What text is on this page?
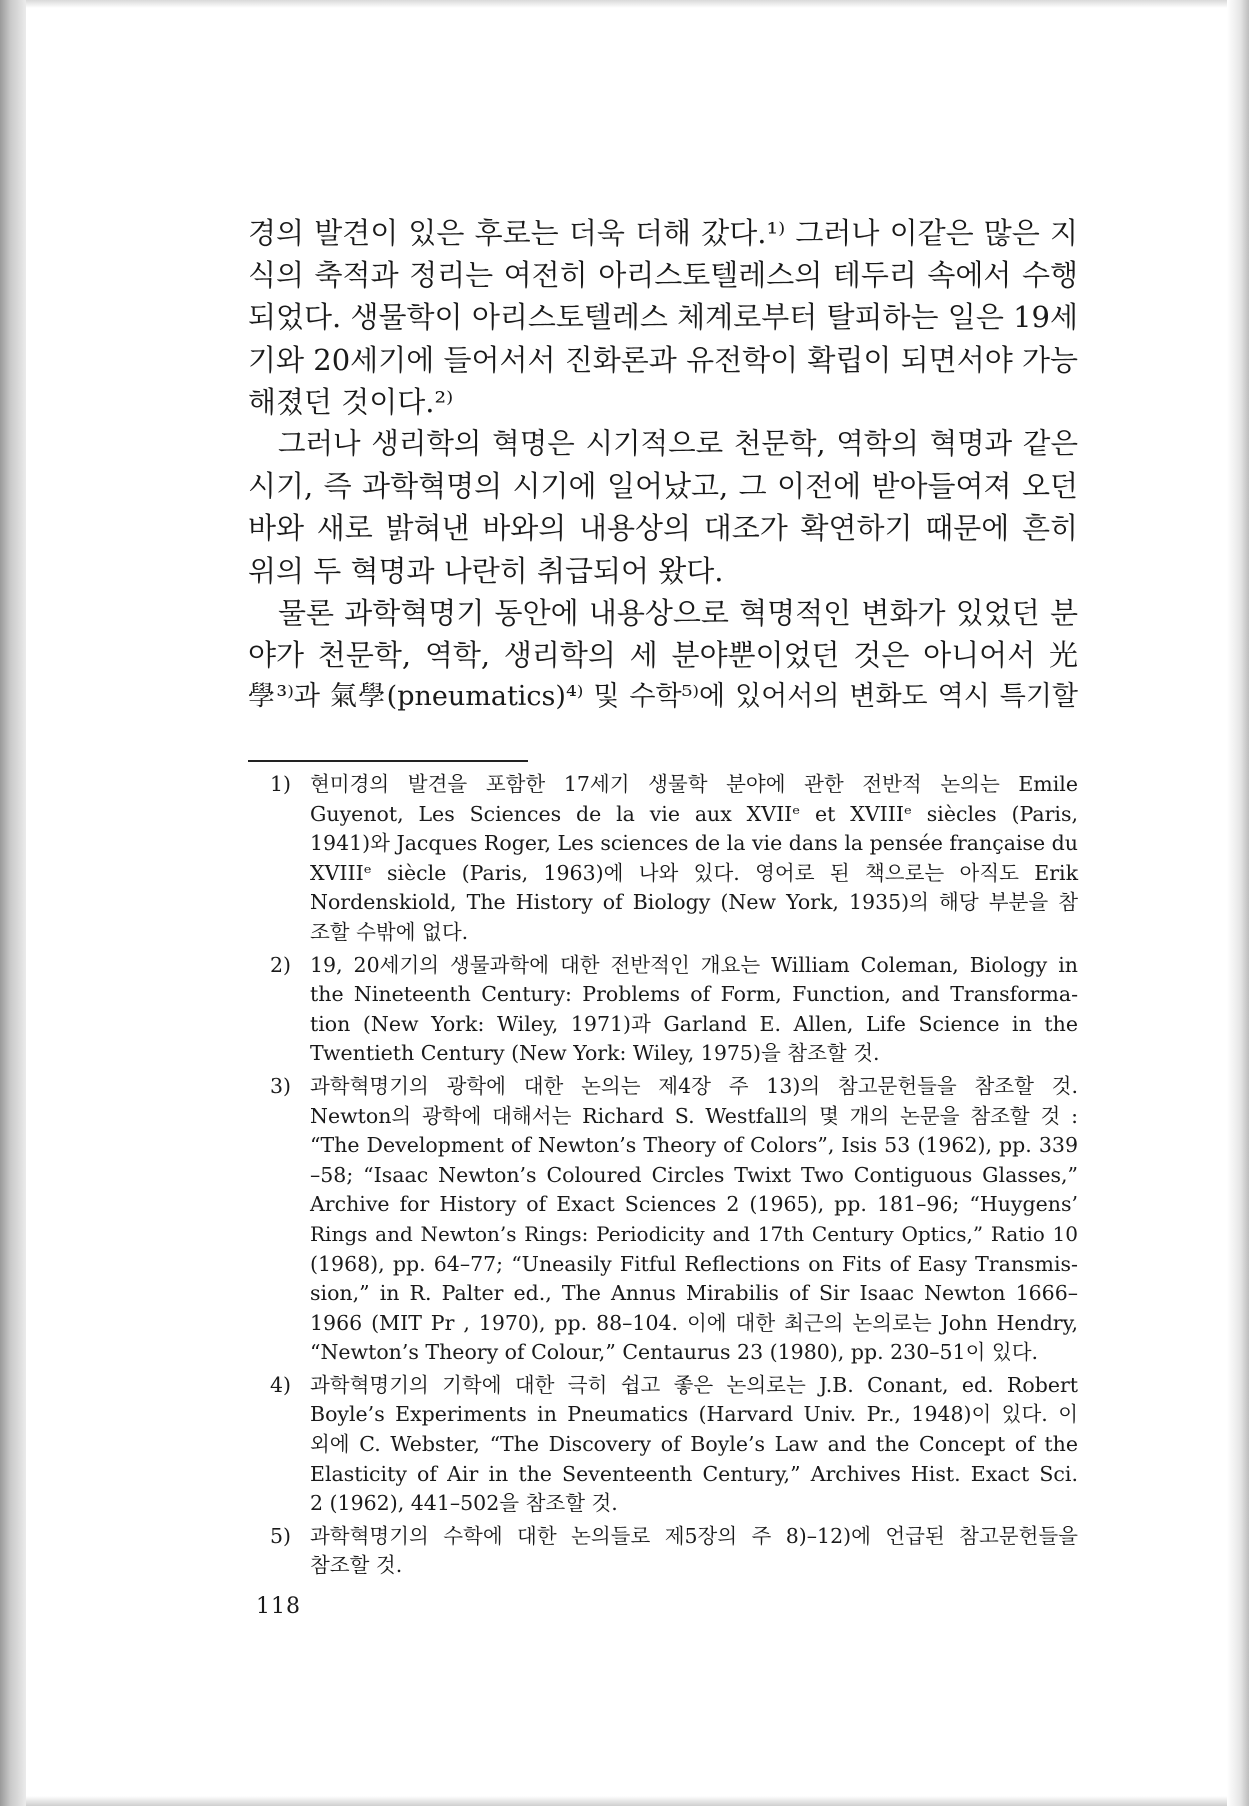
경의 발견이 있은 후로는 더욱 더해 갔다.¹⁾ 그러나 이같은 많은 지
식의 축적과 정리는 여전히 아리스토텔레스의 테두리 속에서 수행
되었다. 생물학이 아리스토텔레스 체계로부터 탈피하는 일은 19세
기와 20세기에 들어서서 진화론과 유전학이 확립이 되면서야 가능
해졌던 것이다.²⁾

그러나 생리학의 혁명은 시기적으로 천문학, 역학의 혁명과 같은
시기, 즉 과학혁명의 시기에 일어났고, 그 이전에 받아들여져 오던
바와 새로 밝혀낸 바와의 내용상의 대조가 확연하기 때문에 흔히
위의 두 혁명과 나란히 취급되어 왔다.

물론 과학혁명기 동안에 내용상으로 혁명적인 변화가 있었던 분
야가 천문학, 역학, 생리학의 세 분야뿐이었던 것은 아니어서 光
學³⁾과 氣學(pneumatics)⁴⁾ 및 수학⁵⁾에 있어서의 변화도 역시 특기할

1) 현미경의 발견을 포함한 17세기 생물학 분야에 관한 전반적 논의는 Emile
Guyenot, Les Sciences de la vie aux XVIIᵉ et XVIIIᵉ siècles (Paris,
1941)와 Jacques Roger, Les sciences de la vie dans la pensée française du
XVIIIᵉ siècle (Paris, 1963)에 나와 있다. 영어로 된 책으로는 아직도 Erik
Nordenskiold, The History of Biology (New York, 1935)의 해당 부분을 참
조할 수밖에 없다.
2) 19, 20세기의 생물과학에 대한 전반적인 개요는 William Coleman, Biology in
the Nineteenth Century: Problems of Form, Function, and Transforma-
tion (New York: Wiley, 1971)과 Garland E. Allen, Life Science in the
Twentieth Century (New York: Wiley, 1975)을 참조할 것.
3) 과학혁명기의 광학에 대한 논의는 제4장 주 13)의 참고문헌들을 참조할 것.
Newton의 광학에 대해서는 Richard S. Westfall의 몇 개의 논문을 참조할 것 :
“The Development of Newton’s Theory of Colors”, Isis 53 (1962), pp. 339
–58; “Isaac Newton’s Coloured Circles Twixt Two Contiguous Glasses,”
Archive for History of Exact Sciences 2 (1965), pp. 181–96; “Huygens’
Rings and Newton’s Rings: Periodicity and 17th Century Optics,” Ratio 10
(1968), pp. 64–77; “Uneasily Fitful Reflections on Fits of Easy Transmis-
sion,” in R. Palter ed., The Annus Mirabilis of Sir Isaac Newton 1666–
1966 (MIT Pr , 1970), pp. 88–104. 이에 대한 최근의 논의로는 John Hendry,
“Newton’s Theory of Colour,” Centaurus 23 (1980), pp. 230–51이 있다.
4) 과학혁명기의 기학에 대한 극히 쉽고 좋은 논의로는 J.B. Conant, ed. Robert
Boyle’s Experiments in Pneumatics (Harvard Univ. Pr., 1948)이 있다. 이
외에 C. Webster, “The Discovery of Boyle’s Law and the Concept of the
Elasticity of Air in the Seventeenth Century,” Archives Hist. Exact Sci.
2 (1962), 441–502을 참조할 것.
5) 과학혁명기의 수학에 대한 논의들로 제5장의 주 8)–12)에 언급된 참고문헌들을
참조할 것.
118
